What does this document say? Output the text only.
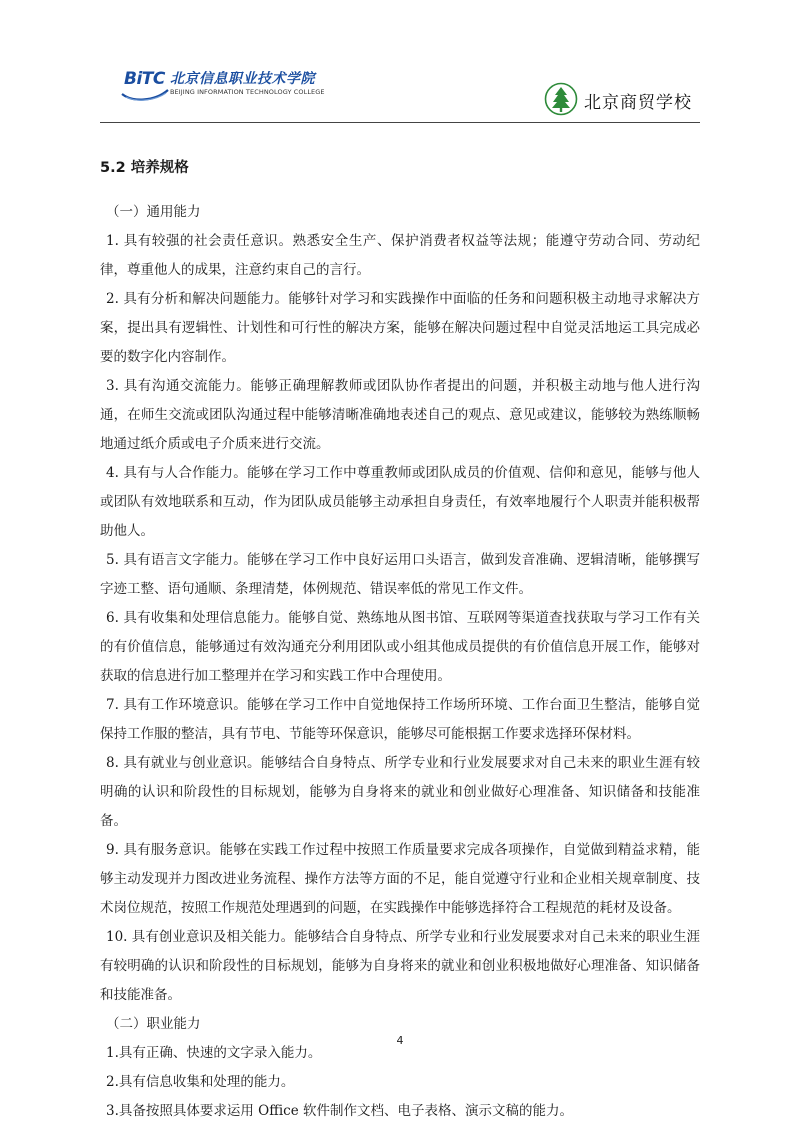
BiTC 北京信息职业技术学院
BEIJING INFORMATION TECHNOLOGY COLLEGE
北京商贸学校
5.2 培养规格

（一）通用能力

1. 具有较强的社会责任意识。熟悉安全生产、保护消费者权益等法规；能遵守劳动合同、劳动纪律，尊重他人的成果，注意约束自己的言行。

2. 具有分析和解决问题能力。能够针对学习和实践操作中面临的任务和问题积极主动地寻求解决方案，提出具有逻辑性、计划性和可行性的解决方案，能够在解决问题过程中自觉灵活地运工具完成必要的数字化内容制作。

3. 具有沟通交流能力。能够正确理解教师或团队协作者提出的问题，并积极主动地与他人进行沟通，在师生交流或团队沟通过程中能够清晰准确地表述自己的观点、意见或建议，能够较为熟练顺畅地通过纸介质或电子介质来进行交流。

4. 具有与人合作能力。能够在学习工作中尊重教师或团队成员的价值观、信仰和意见，能够与他人或团队有效地联系和互动，作为团队成员能够主动承担自身责任，有效率地履行个人职责并能积极帮助他人。

5. 具有语言文字能力。能够在学习工作中良好运用口头语言，做到发音准确、逻辑清晰，能够撰写字迹工整、语句通顺、条理清楚，体例规范、错误率低的常见工作文件。

6. 具有收集和处理信息能力。能够自觉、熟练地从图书馆、互联网等渠道查找获取与学习工作有关的有价值信息，能够通过有效沟通充分利用团队或小组其他成员提供的有价值信息开展工作，能够对获取的信息进行加工整理并在学习和实践工作中合理使用。

7. 具有工作环境意识。能够在学习工作中自觉地保持工作场所环境、工作台面卫生整洁，能够自觉保持工作服的整洁，具有节电、节能等环保意识，能够尽可能根据工作要求选择环保材料。

8. 具有就业与创业意识。能够结合自身特点、所学专业和行业发展要求对自己未来的职业生涯有较明确的认识和阶段性的目标规划，能够为自身将来的就业和创业做好心理准备、知识储备和技能准备。

9. 具有服务意识。能够在实践工作过程中按照工作质量要求完成各项操作，自觉做到精益求精，能够主动发现并力图改进业务流程、操作方法等方面的不足，能自觉遵守行业和企业相关规章制度、技术岗位规范，按照工作规范处理遇到的问题，在实践操作中能够选择符合工程规范的耗材及设备。

10. 具有创业意识及相关能力。能够结合自身特点、所学专业和行业发展要求对自己未来的职业生涯有较明确的认识和阶段性的目标规划，能够为自身将来的就业和创业积极地做好心理准备、知识储备和技能准备。

（二）职业能力

1.具有正确、快速的文字录入能力。

2.具有信息收集和处理的能力。

3.具备按照具体要求运用 Office 软件制作文档、电子表格、演示文稿的能力。

4
